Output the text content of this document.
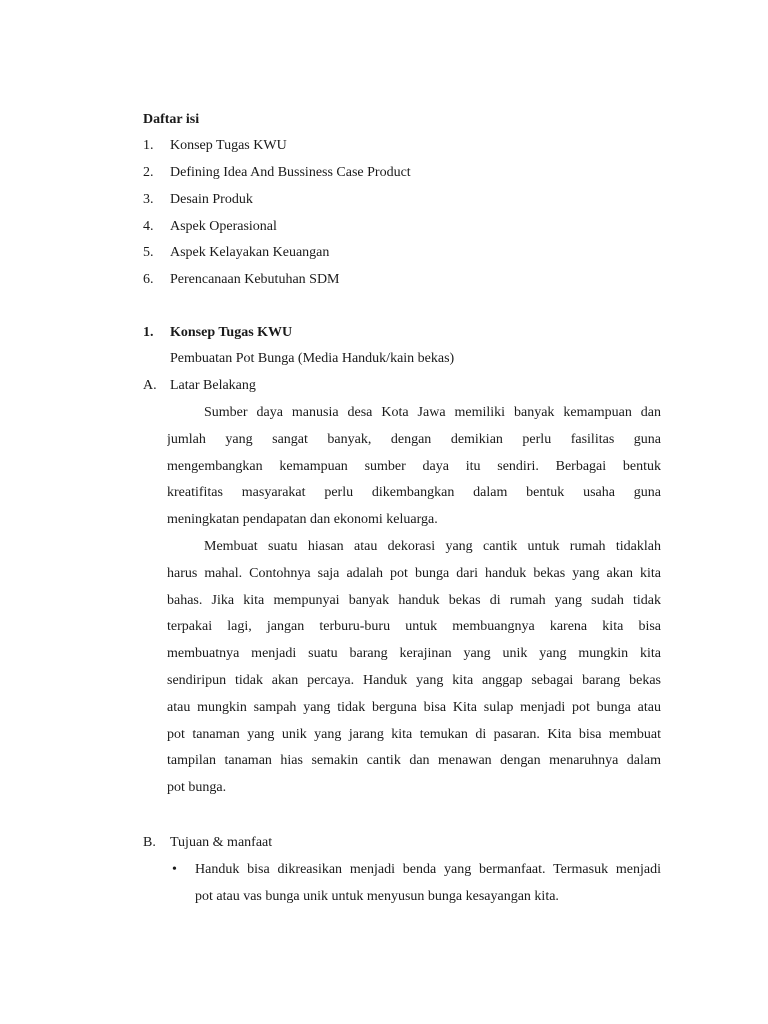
Daftar isi
1. Konsep Tugas KWU
2. Defining Idea And Bussiness Case Product
3. Desain Produk
4. Aspek Operasional
5. Aspek Kelayakan Keuangan
6. Perencanaan Kebutuhan SDM
1. Konsep Tugas KWU
Pembuatan Pot Bunga (Media Handuk/kain bekas)
A. Latar Belakang
Sumber daya manusia desa Kota Jawa memiliki banyak kemampuan dan
jumlah yang sangat banyak, dengan demikian perlu fasilitas guna
mengembangkan kemampuan sumber daya itu sendiri. Berbagai bentuk
kreatifitas masyarakat perlu dikembangkan dalam bentuk usaha guna
meningkatan pendapatan dan ekonomi keluarga.
Membuat suatu hiasan atau dekorasi yang cantik untuk rumah tidaklah
harus mahal. Contohnya saja adalah pot bunga dari handuk bekas yang akan kita
bahas. Jika kita mempunyai banyak handuk bekas di rumah yang sudah tidak
terpakai lagi, jangan terburu-buru untuk membuangnya karena kita bisa
membuatnya menjadi suatu barang kerajinan yang unik yang mungkin kita
sendiripun tidak akan percaya. Handuk yang kita anggap sebagai barang bekas
atau mungkin sampah yang tidak berguna bisa Kita sulap menjadi pot bunga atau
pot tanaman yang unik yang jarang kita temukan di pasaran. Kita bisa membuat
tampilan tanaman hias semakin cantik dan menawan dengan menaruhnya dalam
pot bunga.
B. Tujuan & manfaat
• Handuk bisa dikreasikan menjadi benda yang bermanfaat. Termasuk menjadi
pot atau vas bunga unik untuk menyusun bunga kesayangan kita.
